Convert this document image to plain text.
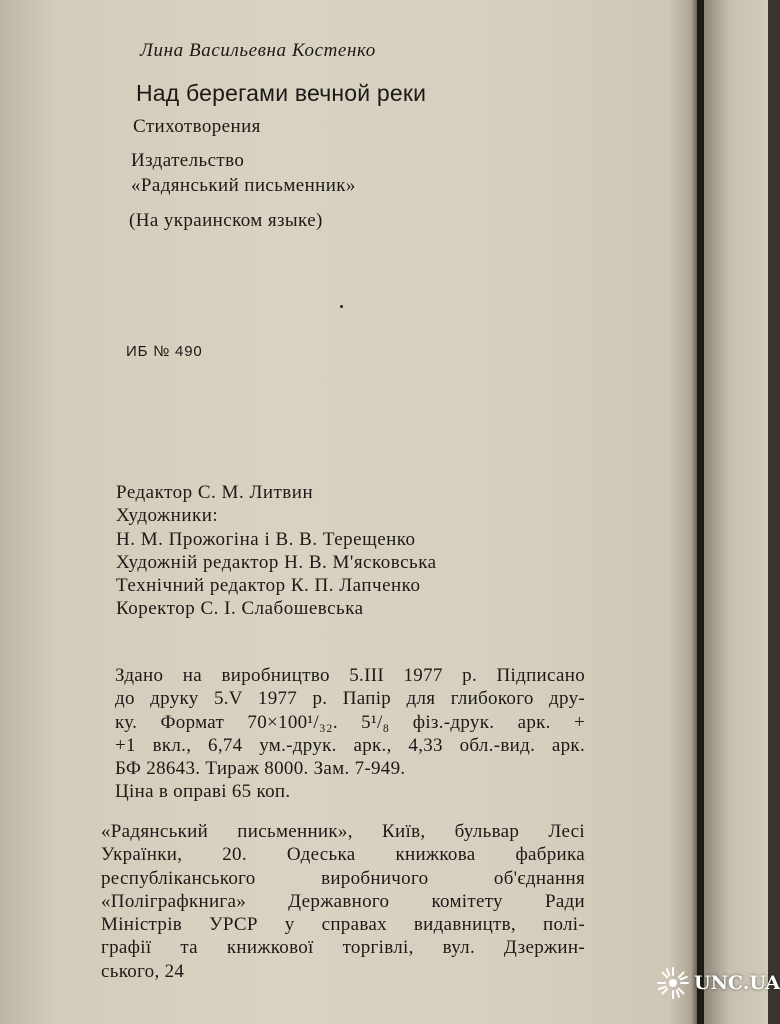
Лина Васильевна Костенко
Над берегами вечной реки
Стихотворения
Издательство
«Радянський письменник»
(На украинском языке)
ИБ № 490
Редактор С. М. Литвин
Художники:
Н. М. Прожогіна і В. В. Терещенко
Художній редактор Н. В. М'ясковська
Технічний редактор К. П. Лапченко
Коректор С. І. Слабошевська
Здано на виробництво 5.III 1977 р. Підписано
до друку 5.V 1977 р. Папір для глибокого дру-
ку. Формат 70×100¹/₃₂. 5¹/₈ фіз.-друк. арк. +
+1 вкл., 6,74 ум.-друк. арк., 4,33 обл.-вид. арк.
БФ 28643. Тираж 8000. Зам. 7-949.
Ціна в оправі 65 коп.
«Радянський письменник», Київ, бульвар Лесі
Українки, 20. Одеська книжкова фабрика
республіканського виробничого об'єднання
«Поліграфкнига» Державного комітету Ради
Міністрів УРСР у справах видавництв, полі-
графії та книжкової торгівлі, вул. Дзержин-
ського, 24
UNC.UA
